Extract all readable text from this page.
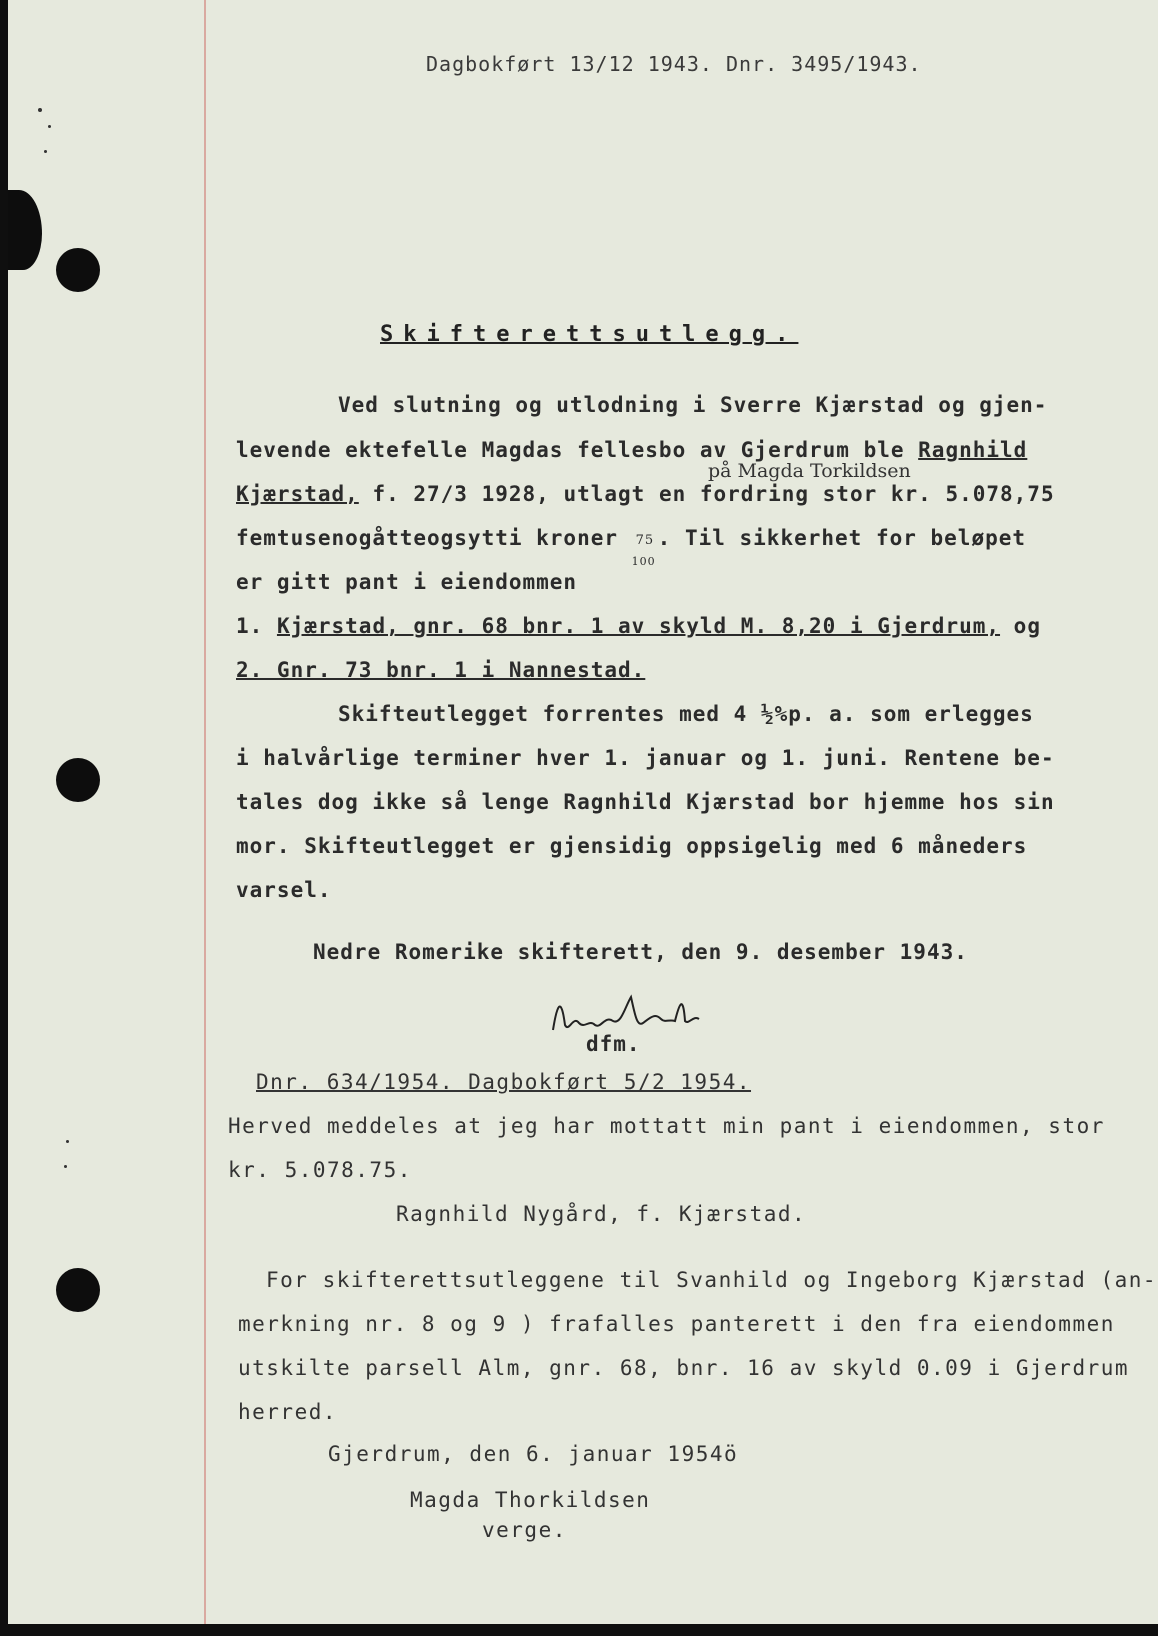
Dagbokført 13/12 1943. Dnr. 3495/1943.
Skifterettsutlegg.
Ved slutning og utlodning i Sverre Kjærstad og gjen-
levende ektefelle Magdas fellesbo av Gjerdrum ble Ragnhild
på Magda Torkildsen
Kjærstad, f. 27/3 1928, utlagt en fordring stor kr. 5.078,75
femtusenogåtteogsytti kroner 75
100
. Til sikkerhet for beløpet
er gitt pant i eiendommen
1. Kjærstad, gnr. 68 bnr. 1 av skyld M. 8,20 i Gjerdrum, og
2. Gnr. 73 bnr. 1 i Nannestad.
Skifteutlegget forrentes med 4 ½%p. a. som erlegges
i halvårlige terminer hver 1. januar og 1. juni. Rentene be-
tales dog ikke så lenge Ragnhild Kjærstad bor hjemme hos sin
mor. Skifteutlegget er gjensidig oppsigelig med 6 måneders
varsel.
Nedre Romerike skifterett, den 9. desember 1943.
dfm.
Dnr. 634/1954. Dagbokført 5/2 1954.
Herved meddeles at jeg har mottatt min pant i eiendommen, stor
kr. 5.078.75.
Ragnhild Nygård, f. Kjærstad.
For skifterettsutleggene til Svanhild og Ingeborg Kjærstad (an-
merkning nr. 8 og 9 ) frafalles panterett i den fra eiendommen
utskilte parsell Alm, gnr. 68, bnr. 16 av skyld 0.09 i Gjerdrum
herred.
Gjerdrum, den 6. januar 1954ö
Magda Thorkildsen
verge.
